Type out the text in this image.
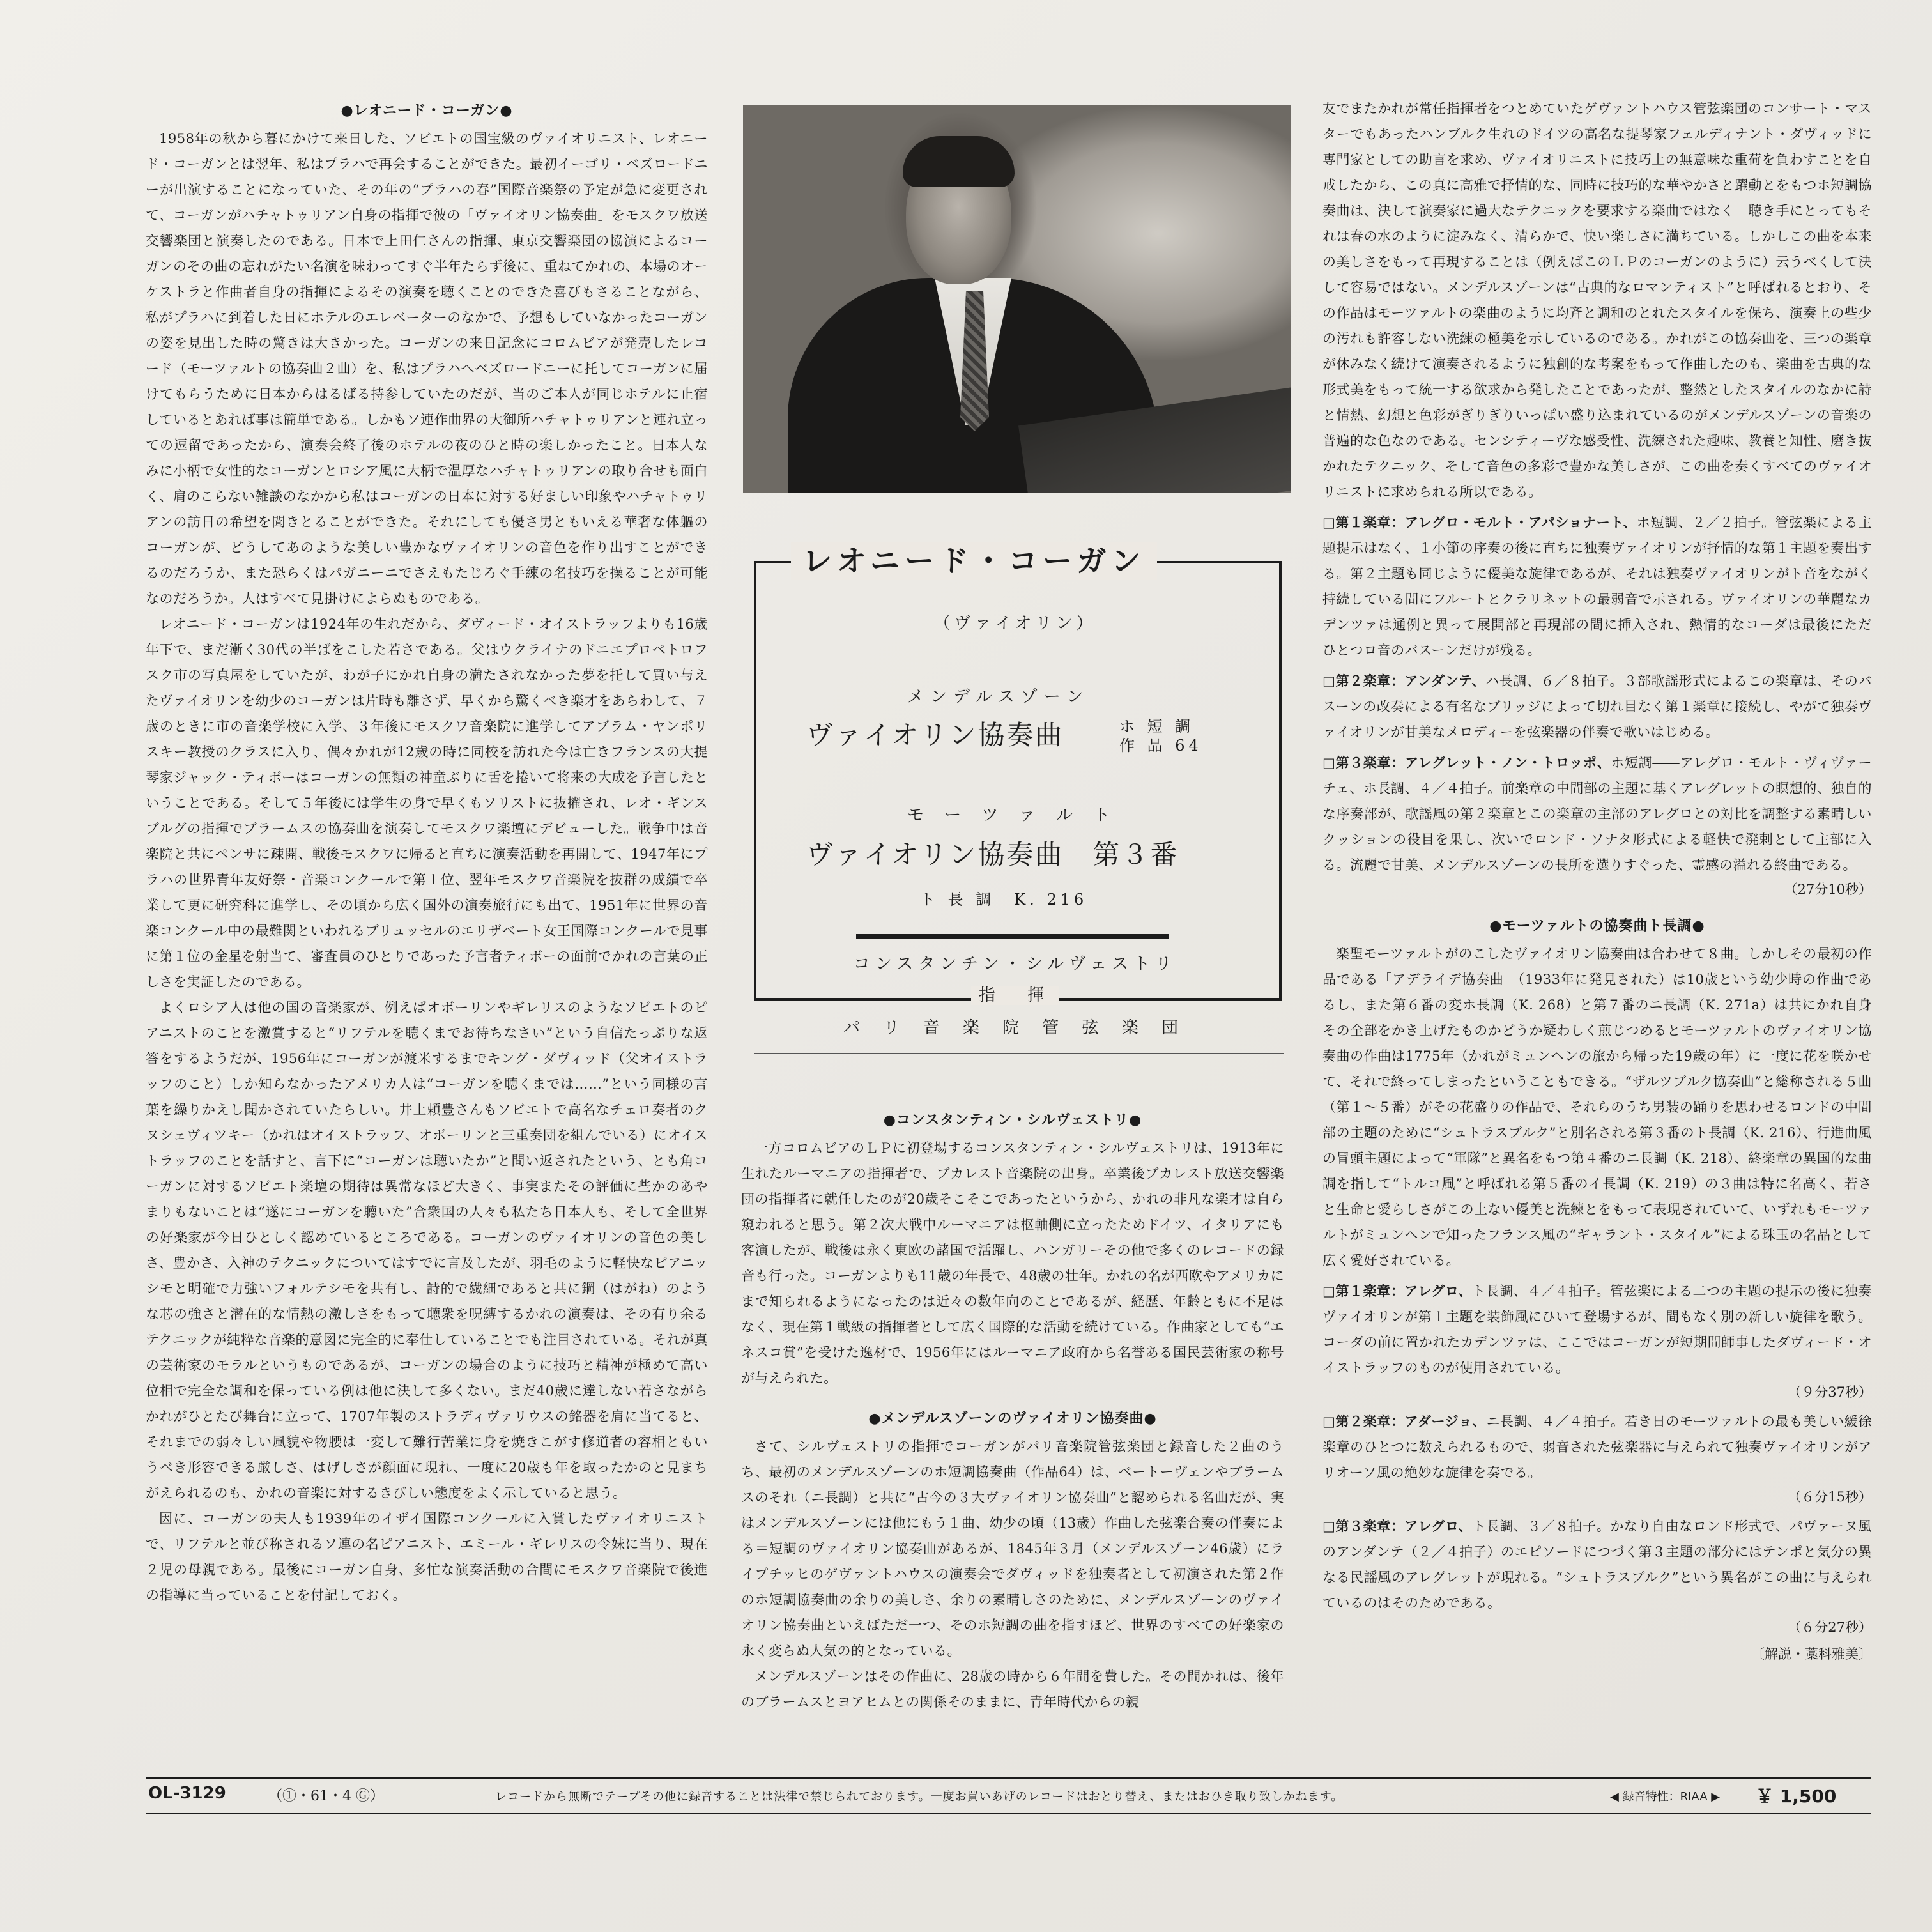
●レオニード・コーガン●

1958年の秋から暮にかけて来日した、ソビエトの国宝級のヴァイオリニスト、レオニード・コーガンとは翌年、私はプラハで再会することができた。最初イーゴリ・ベズロードニーが出演することになっていた、その年の“プラハの春”国際音楽祭の予定が急に変更されて、コーガンがハチャトゥリアン自身の指揮で彼の「ヴァイオリン協奏曲」をモスクワ放送交響楽団と演奏したのである。日本で上田仁さんの指揮、東京交響楽団の協演によるコーガンのその曲の忘れがたい名演を味わってすぐ半年たらず後に、重ねてかれの、本場のオーケストラと作曲者自身の指揮によるその演奏を聴くことのできた喜びもさることながら、私がプラハに到着した日にホテルのエレベーターのなかで、予想もしていなかったコーガンの姿を見出した時の驚きは大きかった。コーガンの来日記念にコロムビアが発売したレコード（モーツァルトの協奏曲２曲）を、私はプラハへベズロードニーに托してコーガンに届けてもらうために日本からはるばる持参していたのだが、当のご本人が同じホテルに止宿しているとあれば事は簡単である。しかもソ連作曲界の大御所ハチャトゥリアンと連れ立っての逗留であったから、演奏会終了後のホテルの夜のひと時の楽しかったこと。日本人なみに小柄で女性的なコーガンとロシア風に大柄で温厚なハチャトゥリアンの取り合せも面白く、肩のこらない雑談のなかから私はコーガンの日本に対する好ましい印象やハチャトゥリアンの訪日の希望を聞きとることができた。それにしても優さ男ともいえる華奢な体軀のコーガンが、どうしてあのような美しい豊かなヴァイオリンの音色を作り出すことができるのだろうか、また恐らくはパガニーニでさえもたじろぐ手練の名技巧を操ることが可能なのだろうか。人はすべて見掛けによらぬものである。

レオニード・コーガンは1924年の生れだから、ダヴィード・オイストラッフよりも16歳年下で、まだ漸く30代の半ばをこした若さである。父はウクライナのドニエプロペトロフスク市の写真屋をしていたが、わが子にかれ自身の満たされなかった夢を托して買い与えたヴァイオリンを幼少のコーガンは片時も離さず、早くから驚くべき楽才をあらわして、７歳のときに市の音楽学校に入学、３年後にモスクワ音楽院に進学してアブラム・ヤンポリスキー教授のクラスに入り、偶々かれが12歳の時に同校を訪れた今は亡きフランスの大提琴家ジャック・ティボーはコーガンの無類の神童ぶりに舌を捲いて将来の大成を予言したということである。そして５年後には学生の身で早くもソリストに抜擢され、レオ・ギンスブルグの指揮でブラームスの協奏曲を演奏してモスクワ楽壇にデビューした。戦争中は音楽院と共にペンサに疎開、戦後モスクワに帰ると直ちに演奏活動を再開して、1947年にプラハの世界青年友好祭・音楽コンクールで第１位、翌年モスクワ音楽院を抜群の成績で卒業して更に研究科に進学し、その頃から広く国外の演奏旅行にも出て、1951年に世界の音楽コンクール中の最難関といわれるブリュッセルのエリザベート女王国際コンクールで見事に第１位の金星を射当て、審査員のひとりであった予言者ティボーの面前でかれの言葉の正しさを実証したのである。

よくロシア人は他の国の音楽家が、例えばオボーリンやギレリスのようなソビエトのピアニストのことを激賞すると“リフテルを聴くまでお待ちなさい”という自信たっぷりな返答をするようだが、1956年にコーガンが渡米するまでキング・ダヴィッド（父オイストラッフのこと）しか知らなかったアメリカ人は“コーガンを聴くまでは……”という同様の言葉を繰りかえし聞かされていたらしい。井上頼豊さんもソビエトで高名なチェロ奏者のクヌシェヴィツキー（かれはオイストラッフ、オボーリンと三重奏団を組んでいる）にオイストラッフのことを話すと、言下に“コーガンは聴いたか”と問い返されたという、とも角コーガンに対するソビエト楽壇の期待は異常なほど大きく、事実またその評価に些かのあやまりもないことは“遂にコーガンを聴いた”合衆国の人々も私たち日本人も、そして全世界の好楽家が今日ひとしく認めているところである。コーガンのヴァイオリンの音色の美しさ、豊かさ、入神のテクニックについてはすでに言及したが、羽毛のように軽快なピアニッシモと明確で力強いフォルテシモを共有し、詩的で繊細であると共に鋼（はがね）のような芯の強さと潜在的な情熱の激しさをもって聴衆を呪縛するかれの演奏は、その有り余るテクニックが純粋な音楽的意図に完全的に奉仕していることでも注目されている。それが真の芸術家のモラルというものであるが、コーガンの場合のように技巧と精神が極めて高い位相で完全な調和を保っている例は他に決して多くない。まだ40歳に達しない若さながらかれがひとたび舞台に立って、1707年製のストラディヴァリウスの銘器を肩に当てると、それまでの弱々しい風貌や物腰は一変して難行苦業に身を焼きこがす修道者の容相ともいうべき形容できる厳しさ、はげしさが顔面に現れ、一度に20歳も年を取ったかのと見まちがえられるのも、かれの音楽に対するきびしい態度をよく示していると思う。

因に、コーガンの夫人も1939年のイザイ国際コンクールに入賞したヴァイオリニストで、リフテルと並び称されるソ連の名ピアニスト、エミール・ギレリスの令妹に当り、現在２児の母親である。最後にコーガン自身、多忙な演奏活動の合間にモスクワ音楽院で後進の指導に当っていることを付記しておく。

レオニード・コーガン
（ヴァイオリン）
メンデルスゾーン
ヴァイオリン協奏曲	ホ 短 調
作 品 64
モ ー ツ ァ ル ト
ヴァイオリン協奏曲　第３番
ト 長 調　K. 216
コンスタンチン・シルヴェストリ
指　揮
パ リ 音 楽 院 管 弦 楽 団
●コンスタンティン・シルヴェストリ●

一方コロムビアのＬＰに初登場するコンスタンティン・シルヴェストリは、1913年に生れたルーマニアの指揮者で、ブカレスト音楽院の出身。卒業後ブカレスト放送交響楽団の指揮者に就任したのが20歳そこそこであったというから、かれの非凡な楽才は自ら窺われると思う。第２次大戦中ルーマニアは枢軸側に立ったためドイツ、イタリアにも客演したが、戦後は永く東欧の諸国で活躍し、ハンガリーその他で多くのレコードの録音も行った。コーガンよりも11歳の年長で、48歳の壮年。かれの名が西欧やアメリカにまで知られるようになったのは近々の数年向のことであるが、経歴、年齢ともに不足はなく、現在第１戦級の指揮者として広く国際的な活動を続けている。作曲家としても“エネスコ賞”を受けた逸材で、1956年にはルーマニア政府から名誉ある国民芸術家の称号が与えられた。

●メンデルスゾーンのヴァイオリン協奏曲●

さて、シルヴェストリの指揮でコーガンがパリ音楽院管弦楽団と録音した２曲のうち、最初のメンデルスゾーンのホ短調協奏曲（作品64）は、ベートーヴェンやブラームスのそれ（ニ長調）と共に“古今の３大ヴァイオリン協奏曲”と認められる名曲だが、実はメンデルスゾーンには他にもう１曲、幼少の頃（13歳）作曲した弦楽合奏の伴奏による＝短調のヴァイオリン協奏曲があるが、1845年３月（メンデルスゾーン46歳）にライプチッヒのゲヴァントハウスの演奏会でダヴィッドを独奏者として初演された第２作のホ短調協奏曲の余りの美しさ、余りの素晴しさのために、メンデルスゾーンのヴァイオリン協奏曲といえばただ一つ、そのホ短調の曲を指すほど、世界のすべての好楽家の永く変らぬ人気の的となっている。

メンデルスゾーンはその作曲に、28歳の時から６年間を費した。その間かれは、後年のブラームスとヨアヒムとの関係そのままに、青年時代からの親

友でまたかれが常任指揮者をつとめていたゲヴァントハウス管弦楽団のコンサート・マスターでもあったハンブルク生れのドイツの高名な提琴家フェルディナント・ダヴィッドに専門家としての助言を求め、ヴァイオリニストに技巧上の無意味な重荷を負わすことを自戒したから、この真に高雅で抒情的な、同時に技巧的な華やかさと躍動とをもつホ短調協奏曲は、決して演奏家に過大なテクニックを要求する楽曲ではなく　聴き手にとってもそれは春の水のように淀みなく、清らかで、快い楽しさに満ちている。しかしこの曲を本来の美しさをもって再現することは（例えばこのＬＰのコーガンのように）云うべくして決して容易ではない。メンデルスゾーンは“古典的なロマンティスト”と呼ばれるとおり、その作品はモーツァルトの楽曲のように均斉と調和のとれたスタイルを保ち、演奏上の些少の汚れも許容しない洗練の極美を示しているのである。かれがこの協奏曲を、三つの楽章が休みなく続けて演奏されるように独創的な考案をもって作曲したのも、楽曲を古典的な形式美をもって統一する欲求から発したことであったが、整然としたスタイルのなかに詩と情熱、幻想と色彩がぎりぎりいっぱい盛り込まれているのがメンデルスゾーンの音楽の普遍的な色なのである。センシティーヴな感受性、洗練された趣味、教養と知性、磨き抜かれたテクニック、そして音色の多彩で豊かな美しさが、この曲を奏くすべてのヴァイオリニストに求められる所以である。

□第１楽章：アレグロ・モルト・アパショナート、ホ短調、２／２拍子。管弦楽による主題提示はなく、１小節の序奏の後に直ちに独奏ヴァイオリンが抒情的な第１主題を奏出する。第２主題も同じように優美な旋律であるが、それは独奏ヴァイオリンがト音をながく持続している間にフルートとクラリネットの最弱音で示される。ヴァイオリンの華麗なカデンツァは通例と異って展開部と再現部の間に挿入され、熱情的なコーダは最後にただひとつロ音のバスーンだけが残る。

□第２楽章：アンダンテ、ハ長調、６／８拍子。３部歌謡形式によるこの楽章は、そのバスーンの改奏による有名なブリッジによって切れ目なく第１楽章に接続し、やがて独奏ヴァイオリンが甘美なメロディーを弦楽器の伴奏で歌いはじめる。

□第３楽章：アレグレット・ノン・トロッポ、ホ短調――アレグロ・モルト・ヴィヴァーチェ、ホ長調、４／４拍子。前楽章の中間部の主題に基くアレグレットの瞑想的、独自的な序奏部が、歌謡風の第２楽章とこの楽章の主部のアレグロとの対比を調整する素晴しいクッションの役目を果し、次いでロンド・ソナタ形式による軽快で溌剌として主部に入る。流麗で甘美、メンデルスゾーンの長所を選りすぐった、霊感の溢れる終曲である。

（27分10秒）

●モーツァルトの協奏曲ト長調●

楽聖モーツァルトがのこしたヴァイオリン協奏曲は合わせて８曲。しかしその最初の作品である「アデライデ協奏曲」（1933年に発見された）は10歳という幼少時の作曲であるし、また第６番の変ホ長調（K. 268）と第７番のニ長調（K. 271a）は共にかれ自身その全部をかき上げたものかどうか疑わしく煎じつめるとモーツァルトのヴァイオリン協奏曲の作曲は1775年（かれがミュンヘンの旅から帰った19歳の年）に一度に花を咲かせて、それで終ってしまったということもできる。“ザルツブルク協奏曲”と総称される５曲（第１〜５番）がその花盛りの作品で、それらのうち男装の踊りを思わせるロンドの中間部の主題のために“シュトラスブルク”と別名される第３番のト長調（K. 216）、行進曲風の冒頭主題によって“軍隊”と異名をもつ第４番のニ長調（K. 218）、終楽章の異国的な曲調を指して“トルコ風”と呼ばれる第５番のイ長調（K. 219）の３曲は特に名高く、若さと生命と愛らしさがこの上ない優美と洗練とをもって表現されていて、いずれもモーツァルトがミュンヘンで知ったフランス風の“ギャラント・スタイル”による珠玉の名品として広く愛好されている。

□第１楽章：アレグロ、ト長調、４／４拍子。管弦楽による二つの主題の提示の後に独奏ヴァイオリンが第１主題を装飾風にひいて登場するが、間もなく別の新しい旋律を歌う。コーダの前に置かれたカデンツァは、ここではコーガンが短期間師事したダヴィード・オイストラッフのものが使用されている。

（９分37秒）

□第２楽章：アダージョ、ニ長調、４／４拍子。若き日のモーツァルトの最も美しい緩徐楽章のひとつに数えられるもので、弱音された弦楽器に与えられて独奏ヴァイオリンがアリオーソ風の絶妙な旋律を奏でる。

（６分15秒）

□第３楽章：アレグロ、ト長調、３／８拍子。かなり自由なロンド形式で、パヴァーヌ風のアンダンテ（２／４拍子）のエピソードにつづく第３主題の部分にはテンポと気分の異なる民謡風のアレグレットが現れる。“シュトラスブルク”という異名がこの曲に与えられているのはそのためである。

（６分27秒）

〔解説・藁科雅美〕

OL-3129	（①・61・4 Ⓖ）	レコードから無断でテープその他に録音することは法律で禁じられております。一度お買いあげのレコードはおとり替え、またはおひき取り致しかねます。	◀ 録音特性：RIAA ▶ ￥ 1,500
